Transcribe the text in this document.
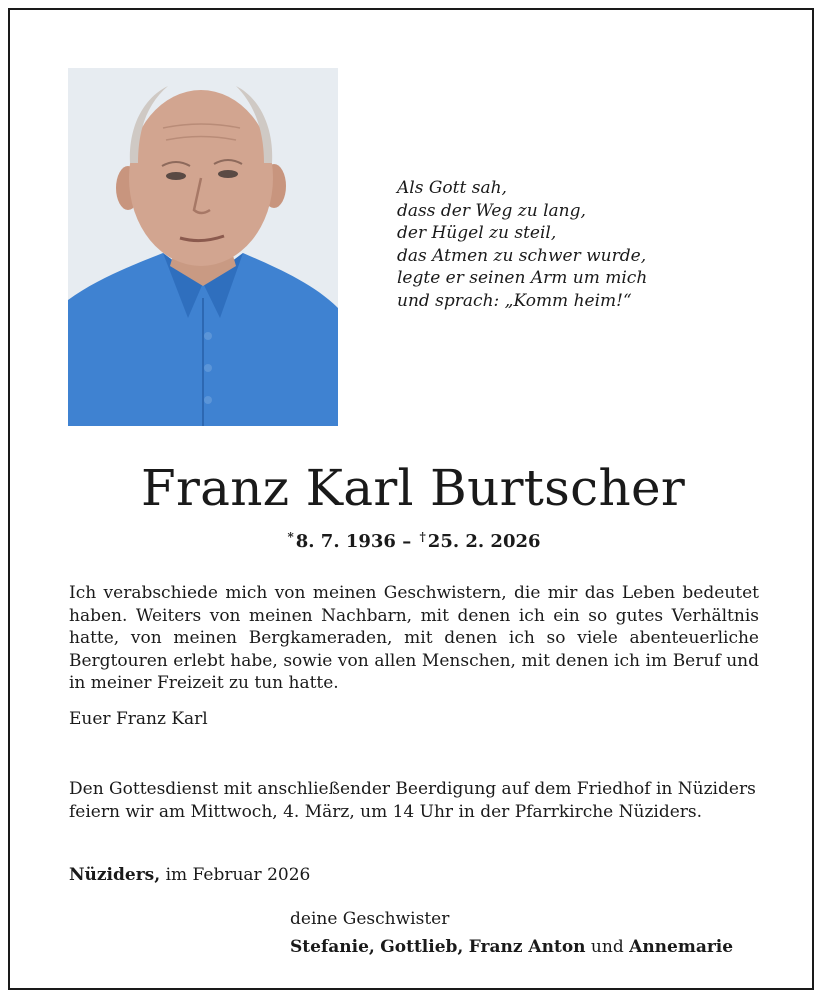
Als Gott sah,
dass der Weg zu lang,
der Hügel zu steil,
das Atmen zu schwer wurde,
legte er seinen Arm um mich
und sprach: „Komm heim!“
Franz Karl Burtscher
* 8. 7. 1936 – † 25. 2. 2026
Ich verabschiede mich von meinen Geschwistern, die mir das Leben bedeutet haben. Weiters von meinen Nachbarn, mit denen ich ein so gutes Verhältnis hatte, von meinen Bergkameraden, mit denen ich so viele abenteuerliche Bergtouren erlebt habe, sowie von allen Menschen, mit denen ich im Beruf und in meiner Freizeit zu tun hatte.
Euer Franz Karl
Den Gottesdienst mit anschließender Beerdigung auf dem Friedhof in Nüziders
feiern wir am Mittwoch, 4. März, um 14 Uhr in der Pfarrkirche Nüziders.
Nüziders, im Februar 2026
deine Geschwister
Stefanie, Gottlieb, Franz Anton und Annemarie
